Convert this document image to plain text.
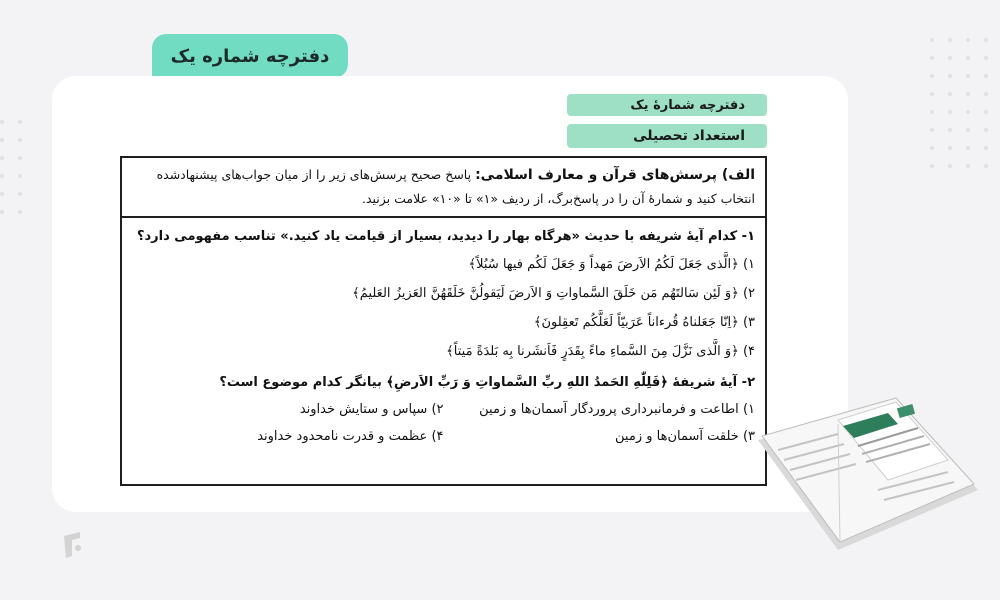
دفترچه شماره یک
دفترچه شمارهٔ یک
استعداد تحصیلی
الف) پرسش‌های قرآن و معارف اسلامی: پاسخ صحیح پرسش‌های زیر را از میان جواب‌های پیشنهادشده انتخاب کنید و شمارهٔ آن را در پاسخ‌برگ، از ردیف «۱» تا «۱۰» علامت بزنید.
۱- کدام آیهٔ شریفه با حدیث «هرگاه بهار را دیدید، بسیار از قیامت یاد کنید.» تناسب مفهومی دارد؟
۱) ﴿الَّذی جَعَلَ لَکُمُ الاَرضَ مَهداً وَ جَعَلَ لَکُم فیها سُبُلاً﴾
۲) ﴿وَ لَئِن سَالتَهُم مَن خَلَقَ السَّماواتِ وَ الاَرضَ لَیَقولُنَّ خَلَقَهُنَّ العَزیزُ العَلیمُ﴾
۳) ﴿اِنّا جَعَلناهُ قُرءاناً عَرَبیّاً لَعَلَّکُم تَعقِلونَ﴾
۴) ﴿وَ الَّذی نَزَّلَ مِنَ السَّماءِ ماءً بِقَدَرٍ فَاَنشَرنا بِه بَلدَةً مَیتاً﴾
۲- آیهٔ شریفهٔ ﴿فَلِلّٰهِ الحَمدُ اللهِ ربِّ السَّماواتِ وَ رَبِّ الاَرضِ﴾ بیانگر کدام موضوع است؟
۱) اطاعت و فرمانبرداری پروردگار آسمان‌ها و زمین
۲) سپاس و ستایش خداوند
۳) خلقت آسمان‌ها و زمین
۴) عظمت و قدرت نامحدود خداوند
